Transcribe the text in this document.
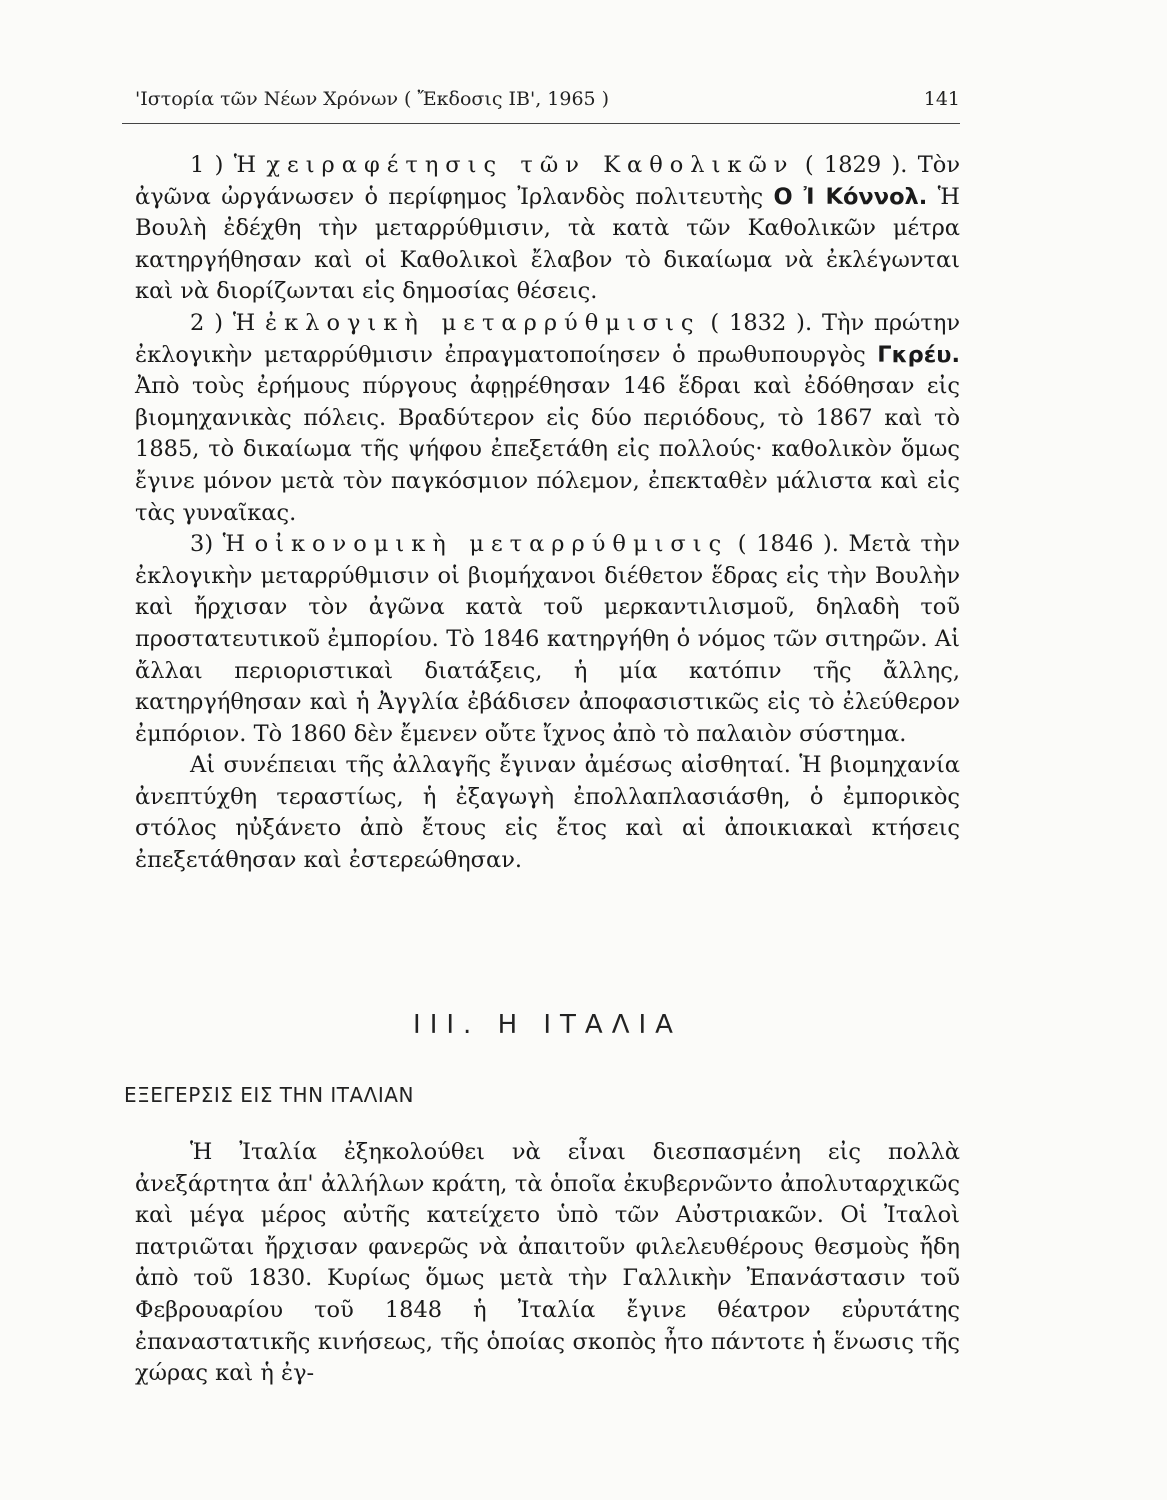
'Ιστορία τῶν Νέων Χρόνων ( Ἔκδοσις ΙΒ', 1965 )	141

1 ) Ἡ χειραφέτησις τῶν Καθολικῶν ( 1829 ). Τὸν ἀγῶνα ὠργάνωσεν ὁ περίφημος Ἰρλανδὸς πολιτευτὴς Ο Ἰ Κόννολ. Ἡ Βουλὴ ἐδέχθη τὴν μεταρρύθμισιν, τὰ κατὰ τῶν Καθολικῶν μέτρα κατηργήθησαν καὶ οἱ Καθολικοὶ ἔλαβον τὸ δικαίωμα νὰ ἐκλέγωνται καὶ νὰ διορίζωνται εἰς δημοσίας θέσεις.

2 ) Ἡ ἐκλογικὴ μεταρρύθμισις ( 1832 ). Τὴν πρώτην ἐκλογικὴν μεταρρύθμισιν ἐπραγματοποίησεν ὁ πρωθυπουργὸς Γκρέυ. Ἀπὸ τοὺς ἐρήμους πύργους ἀφῃρέθησαν 146 ἕδραι καὶ ἐδόθησαν εἰς βιομηχανικὰς πόλεις. Βραδύτερον εἰς δύο περιόδους, τὸ 1867 καὶ τὸ 1885, τὸ δικαίωμα τῆς ψήφου ἐπεξετάθη εἰς πολλούς· καθολικὸν ὅμως ἔγινε μόνον μετὰ τὸν παγκόσμιον πόλεμον, ἐπεκταθὲν μάλιστα καὶ εἰς τὰς γυναῖκας.

3) Ἡ οἰκονομικὴ μεταρρύθμισις ( 1846 ). Μετὰ τὴν ἐκλογικὴν μεταρρύθμισιν οἱ βιομήχανοι διέθετον ἕδρας εἰς τὴν Βουλὴν καὶ ἤρχισαν τὸν ἀγῶνα κατὰ τοῦ μερκαντιλισμοῦ, δηλαδὴ τοῦ προστατευτικοῦ ἐμπορίου. Τὸ 1846 κατηργήθη ὁ νόμος τῶν σιτηρῶν. Αἱ ἄλλαι περιοριστικαὶ διατάξεις, ἡ μία κατόπιν τῆς ἄλλης, κατηργήθησαν καὶ ἡ Ἀγγλία ἐβάδισεν ἀποφασιστικῶς εἰς τὸ ἐλεύθερον ἐμπόριον. Τὸ 1860 δὲν ἔμενεν οὔτε ἴχνος ἀπὸ τὸ παλαιὸν σύστημα.

Αἱ συνέπειαι τῆς ἀλλαγῆς ἔγιναν ἀμέσως αἰσθηταί. Ἡ βιομηχανία ἀνεπτύχθη τεραστίως, ἡ ἐξαγωγὴ ἐπολλαπλασιάσθη, ὁ ἐμπορικὸς στόλος ηὐξάνετο ἀπὸ ἔτους εἰς ἔτος καὶ αἱ ἀποικιακαὶ κτήσεις ἐπεξετάθησαν καὶ ἐστερεώθησαν.

ΙΙΙ. Η ΙΤΑΛΙΑ
ΕΞΕΓΕΡΣΙΣ ΕΙΣ ΤΗΝ ΙΤΑΛΙΑΝ

Ἡ Ἰταλία ἐξηκολούθει νὰ εἶναι διεσπασμένη εἰς πολλὰ ἀνεξάρτητα ἀπ' ἀλλήλων κράτη, τὰ ὁποῖα ἐκυβερνῶντο ἀπολυταρχικῶς καὶ μέγα μέρος αὐτῆς κατείχετο ὑπὸ τῶν Αὐστριακῶν. Οἱ Ἰταλοὶ πατριῶται ἤρχισαν φανερῶς νὰ ἀπαιτοῦν φιλελευθέρους θεσμοὺς ἤδη ἀπὸ τοῦ 1830. Κυρίως ὅμως μετὰ τὴν Γαλλικὴν Ἐπανάστασιν τοῦ Φεβρουαρίου τοῦ 1848 ἡ Ἰταλία ἔγινε θέατρον εὐρυτάτης ἐπαναστατικῆς κινήσεως, τῆς ὁποίας σκοπὸς ἦτο πάντοτε ἡ ἕνωσις τῆς χώρας καὶ ἡ ἐγ-
